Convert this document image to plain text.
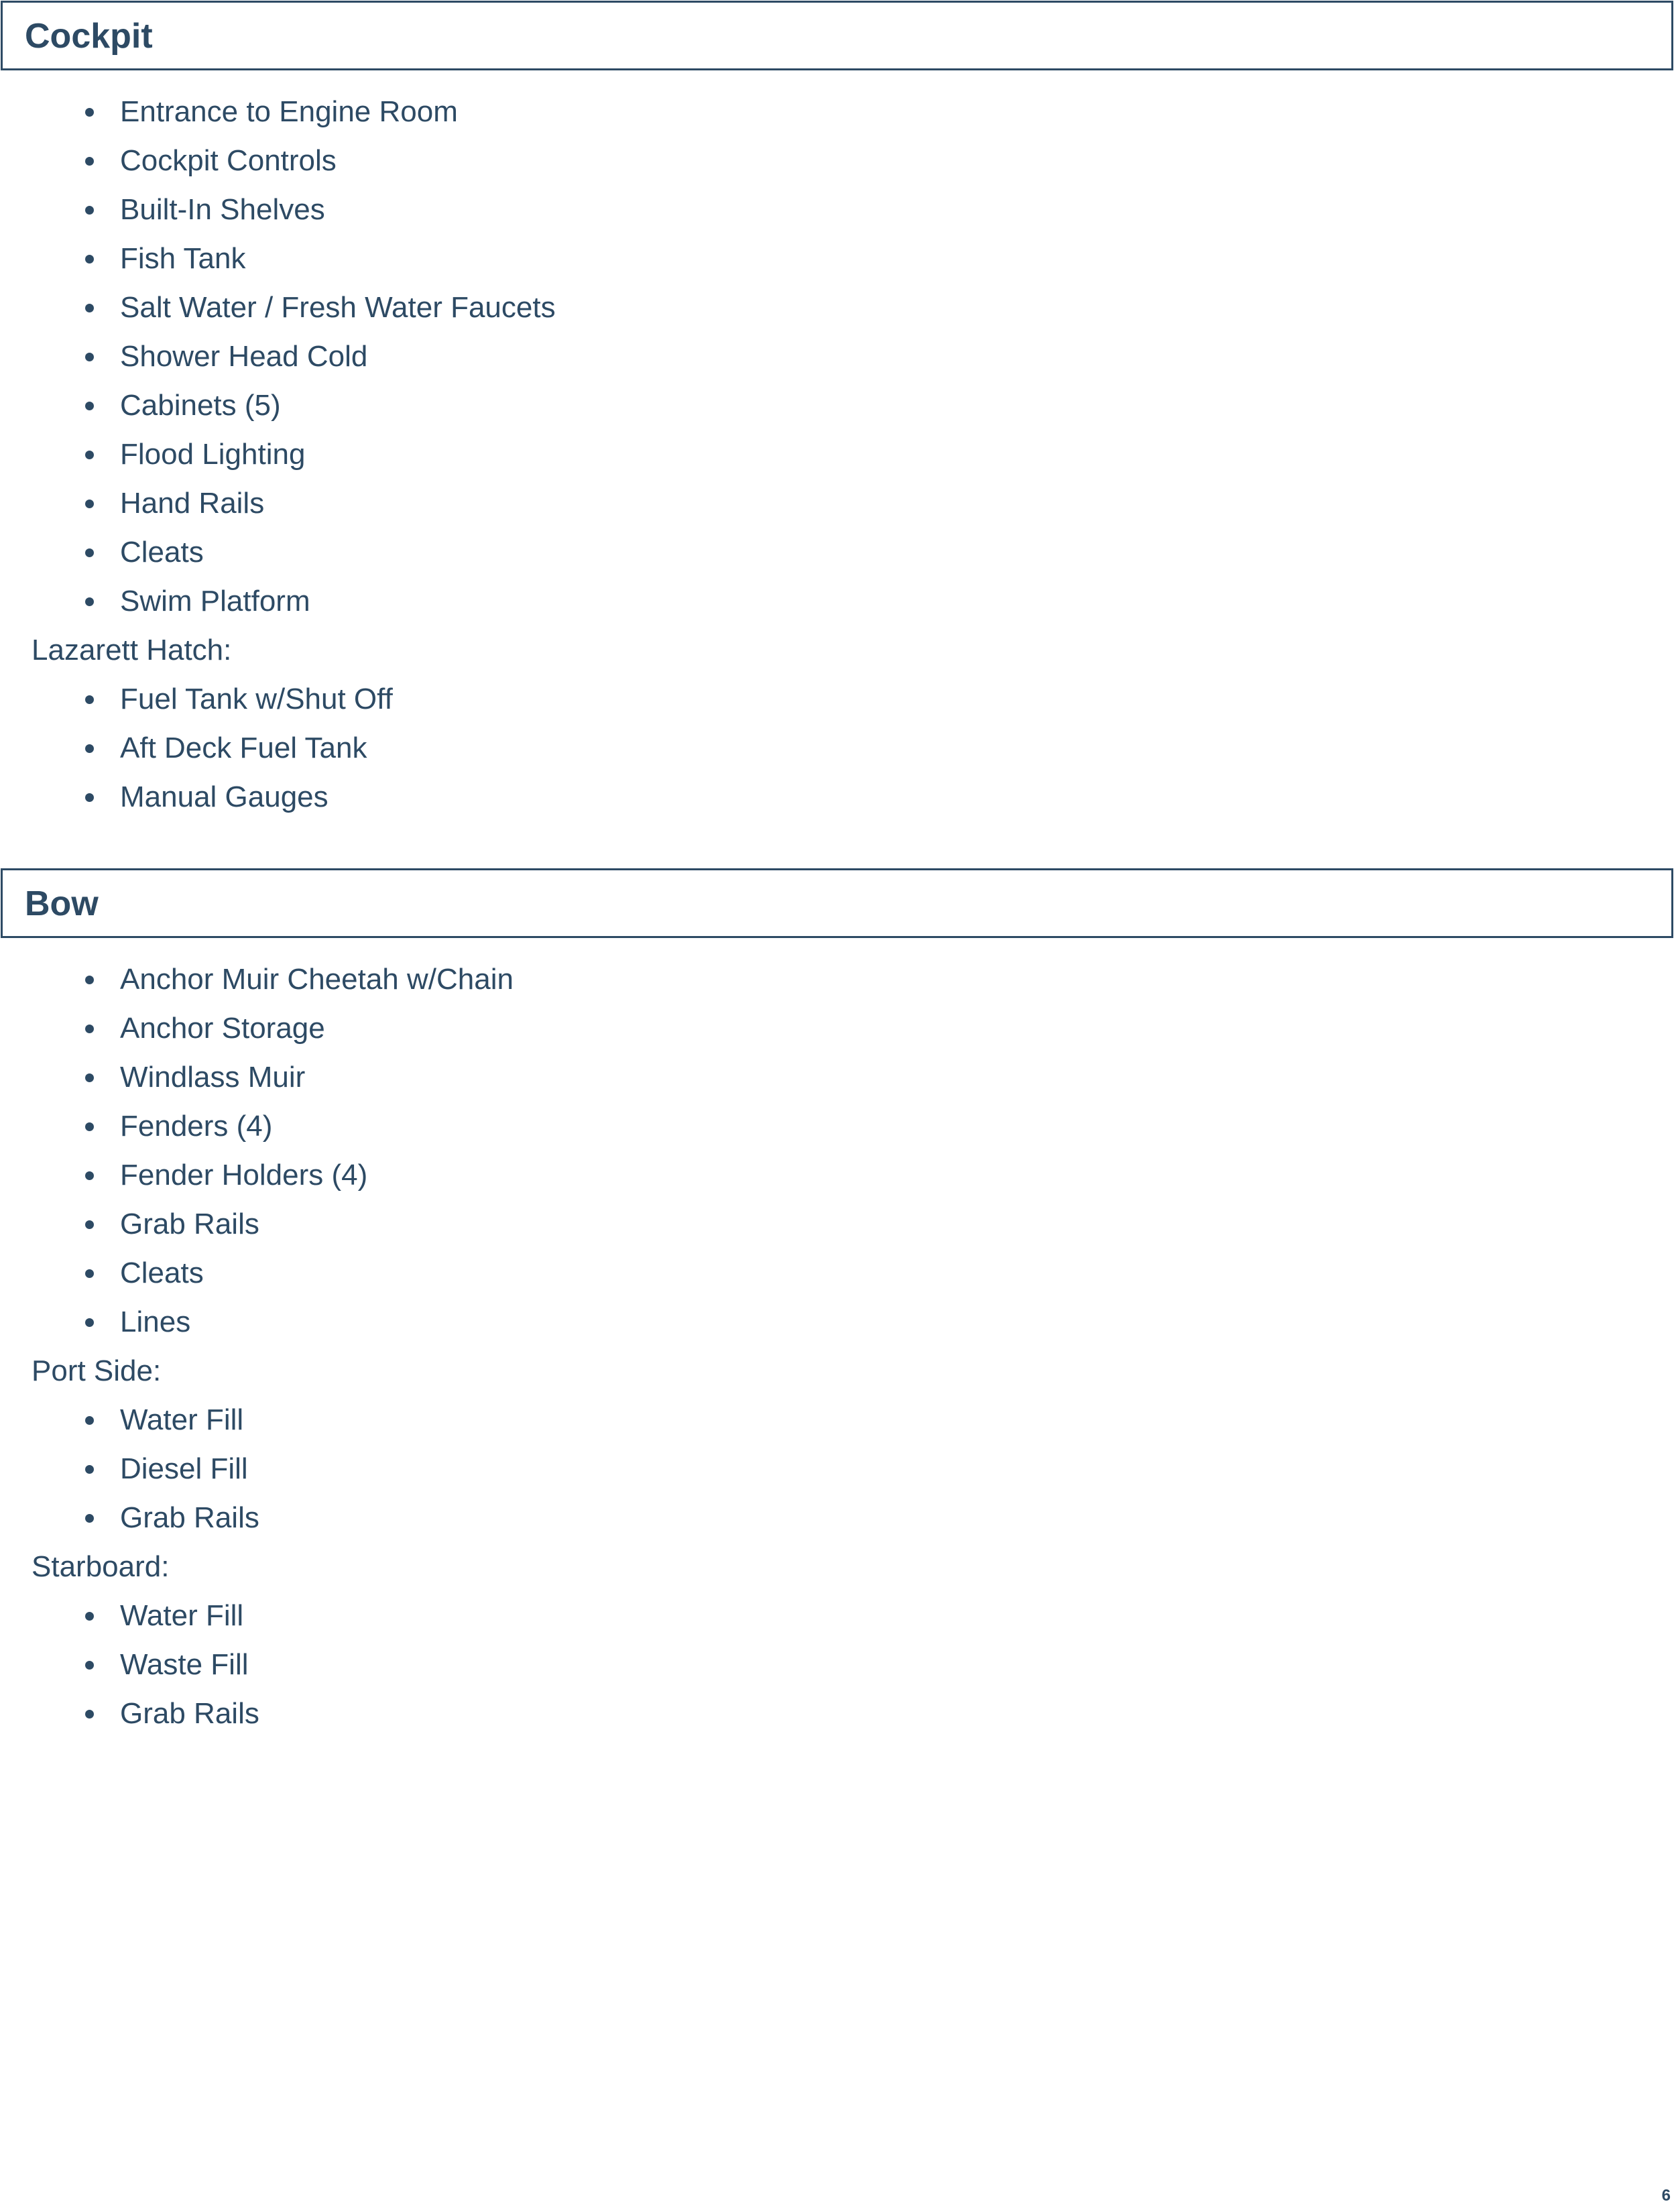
Cockpit
Entrance to Engine Room
Cockpit Controls
Built-In Shelves
Fish Tank
Salt Water / Fresh Water Faucets
Shower Head Cold
Cabinets (5)
Flood Lighting
Hand Rails
Cleats
Swim Platform
Lazarett Hatch:
Fuel Tank w/Shut Off
Aft Deck Fuel Tank
Manual Gauges
Bow
Anchor Muir Cheetah w/Chain
Anchor Storage
Windlass Muir
Fenders (4)
Fender Holders (4)
Grab Rails
Cleats
Lines
Port Side:
Water Fill
Diesel Fill
Grab Rails
Starboard:
Water Fill
Waste Fill
Grab Rails
6
